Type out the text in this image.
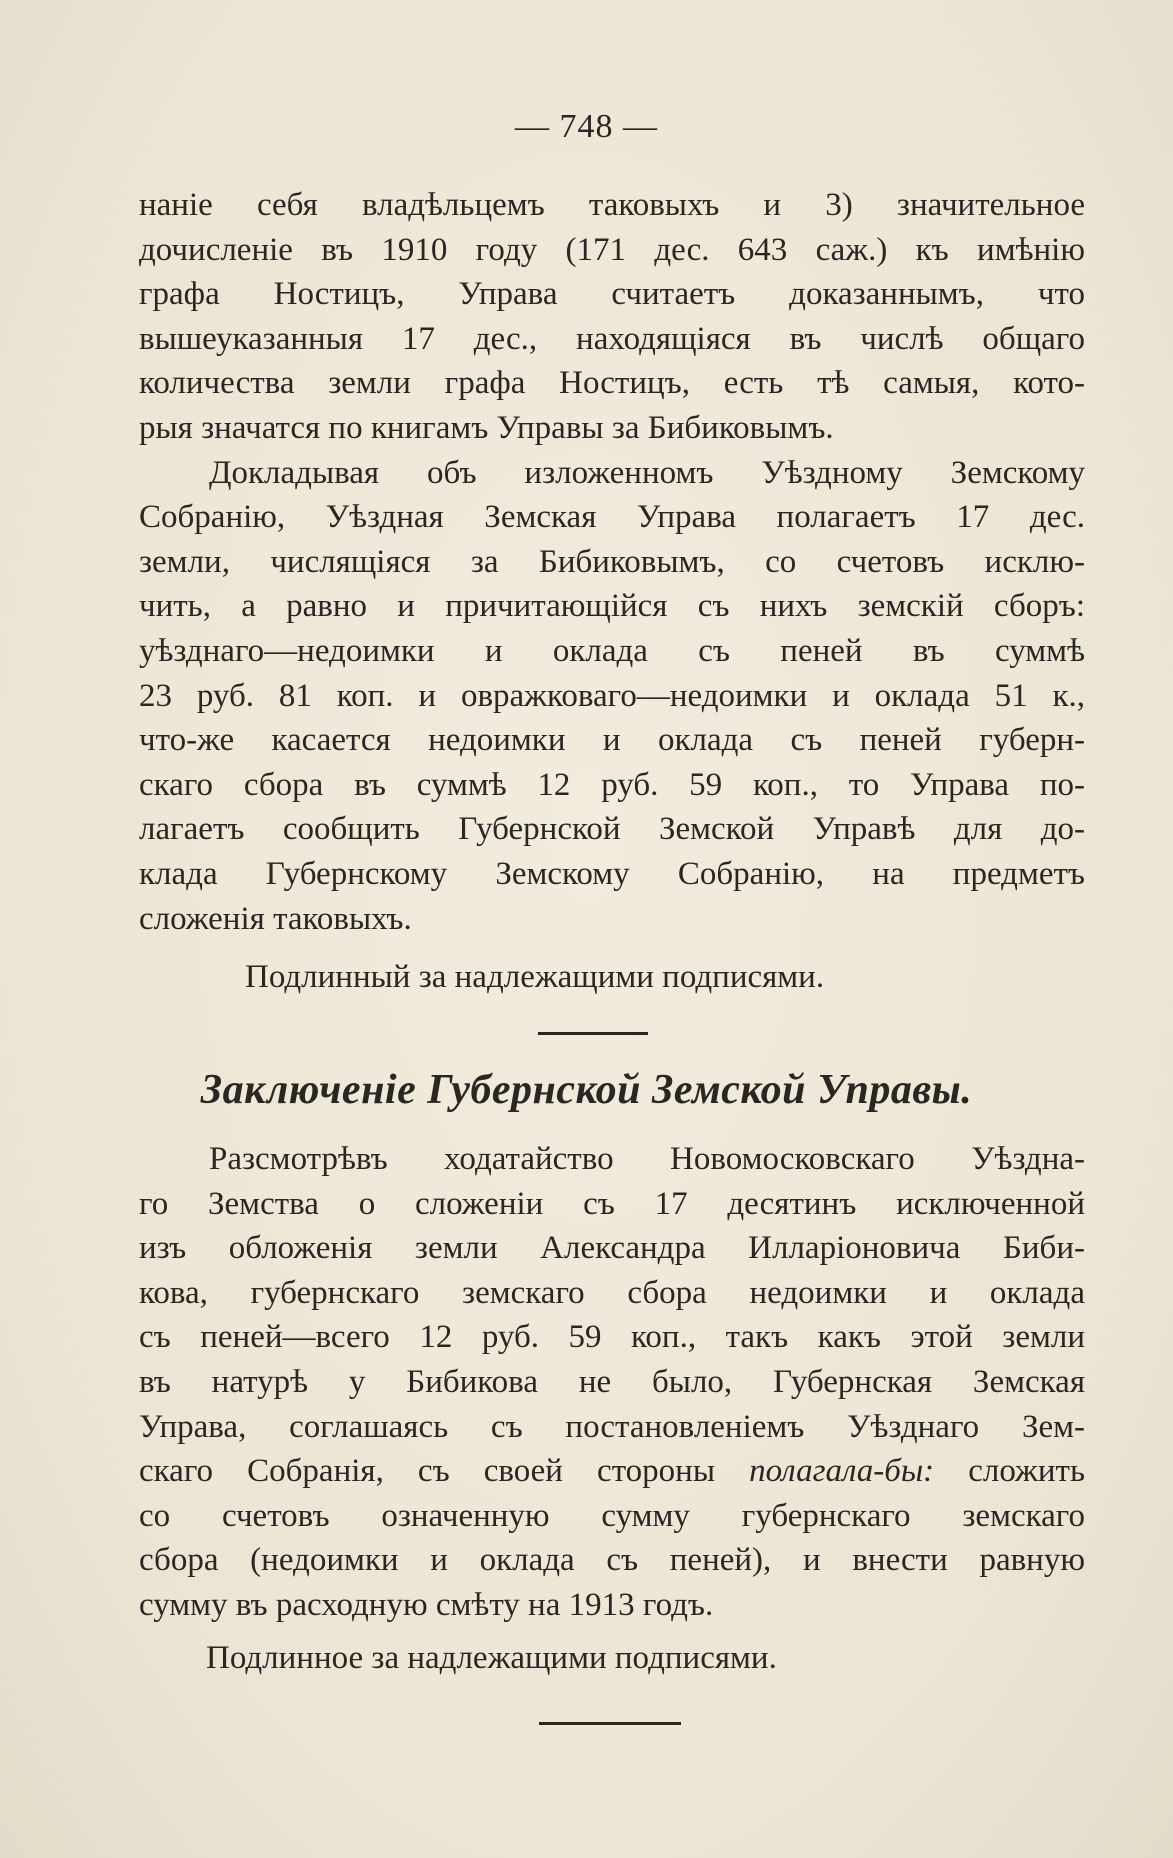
— 748 —
наніе себя владѣльцемъ таковыхъ и 3) значительное
дочисленіе въ 1910 году (171 дес. 643 саж.) къ имѣнію
графа Ностицъ, Управа считаетъ доказаннымъ, что
вышеуказанныя 17 дес., находящіяся въ числѣ общаго
количества земли графа Ностицъ, есть тѣ самыя, кото-
рыя значатся по книгамъ Управы за Бибиковымъ.
Докладывая объ изложенномъ Уѣздному Земскому
Собранію, Уѣздная Земская Управа полагаетъ 17 дес.
земли, числящіяся за Бибиковымъ, со счетовъ исклю-
чить, а равно и причитающійся съ нихъ земскій сборъ:
уѣзднаго—недоимки и оклада съ пеней въ суммѣ
23 руб. 81 коп. и овражковаго—недоимки и оклада 51 к.,
что-же касается недоимки и оклада съ пеней губерн-
скаго сбора въ суммѣ 12 руб. 59 коп., то Управа по-
лагаетъ сообщить Губернской Земской Управѣ для до-
клада Губернскому Земскому Собранію, на предметъ
сложенія таковыхъ.
Подлинный за надлежащими подписями.
Заключеніе Губернской Земской Управы.
Разсмотрѣвъ ходатайство Новомосковскаго Уѣздна-
го Земства о сложеніи съ 17 десятинъ исключенной
изъ обложенія земли Александра Илларіоновича Биби-
кова, губернскаго земскаго сбора недоимки и оклада
съ пеней—всего 12 руб. 59 коп., такъ какъ этой земли
въ натурѣ у Бибикова не было, Губернская Земская
Управа, соглашаясь съ постановленіемъ Уѣзднаго Зем-
скаго Собранія, съ своей стороны полагала-бы: сложить
со счетовъ означенную сумму губернскаго земскаго
сбора (недоимки и оклада съ пеней), и внести равную
сумму въ расходную смѣту на 1913 годъ.
Подлинное за надлежащими подписями.
